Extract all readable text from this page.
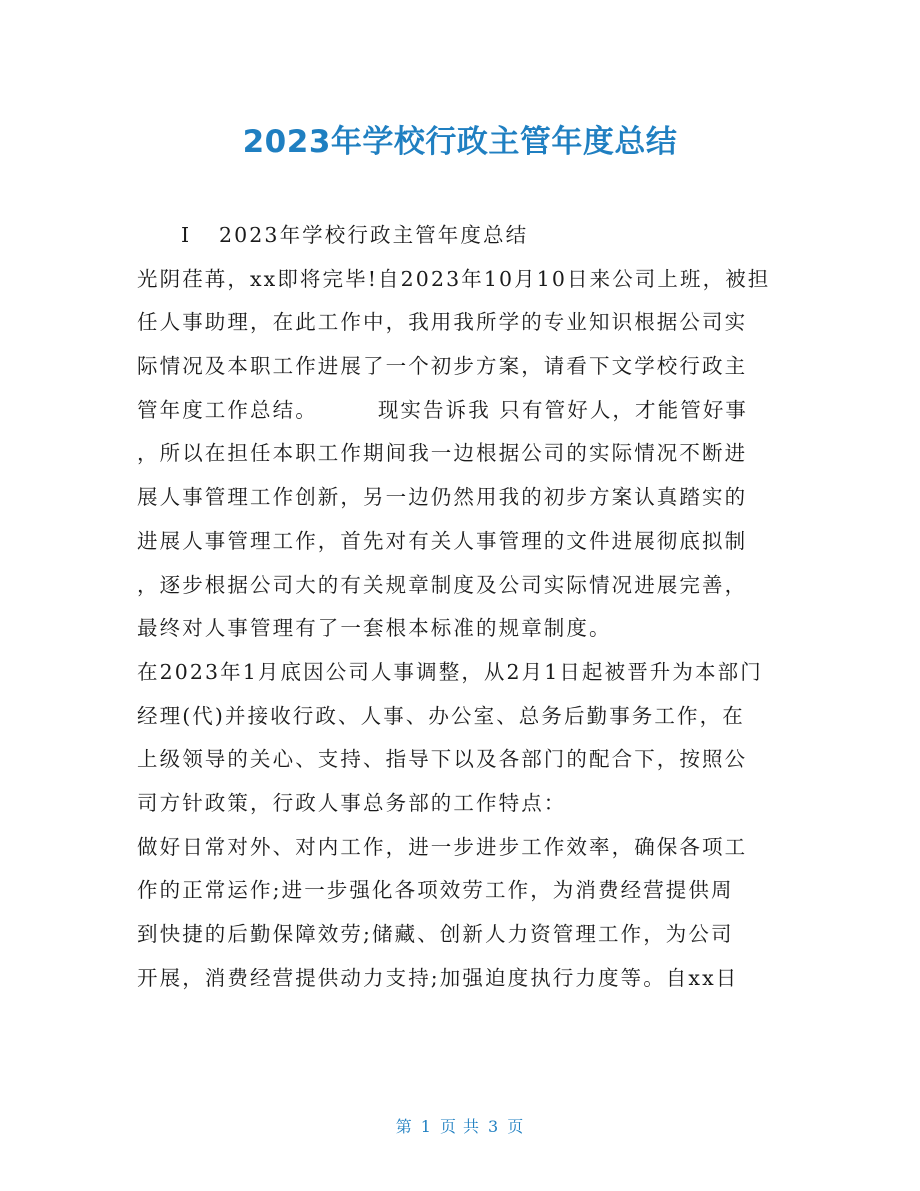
2023年学校行政主管年度总结
I 2023年学校行政主管年度总结
光阴荏苒，xx即将完毕!自2023年10月10日来公司上班，被担
任人事助理，在此工作中，我用我所学的专业知识根据公司实
际情况及本职工作进展了一个初步方案，请看下文学校行政主
管年度工作总结。	现实告诉我 只有管好人，才能管好事
，所以在担任本职工作期间我一边根据公司的实际情况不断进
展人事管理工作创新，另一边仍然用我的初步方案认真踏实的
进展人事管理工作，首先对有关人事管理的文件进展彻底拟制
，逐步根据公司大的有关规章制度及公司实际情况进展完善，
最终对人事管理有了一套根本标准的规章制度。
在2023年1月底因公司人事调整，从2月1日起被晋升为本部门
经理(代)并接收行政、人事、办公室、总务后勤事务工作，在
上级领导的关心、支持、指导下以及各部门的配合下，按照公
司方针政策，行政人事总务部的工作特点：
做好日常对外、对内工作，进一步进步工作效率，确保各项工
作的正常运作;进一步强化各项效劳工作，为消费经营提供周
到快捷的后勤保障效劳;储藏、创新人力资管理工作，为公司
开展，消费经营提供动力支持;加强迫度执行力度等。自xx日
第 1 页 共 3 页
